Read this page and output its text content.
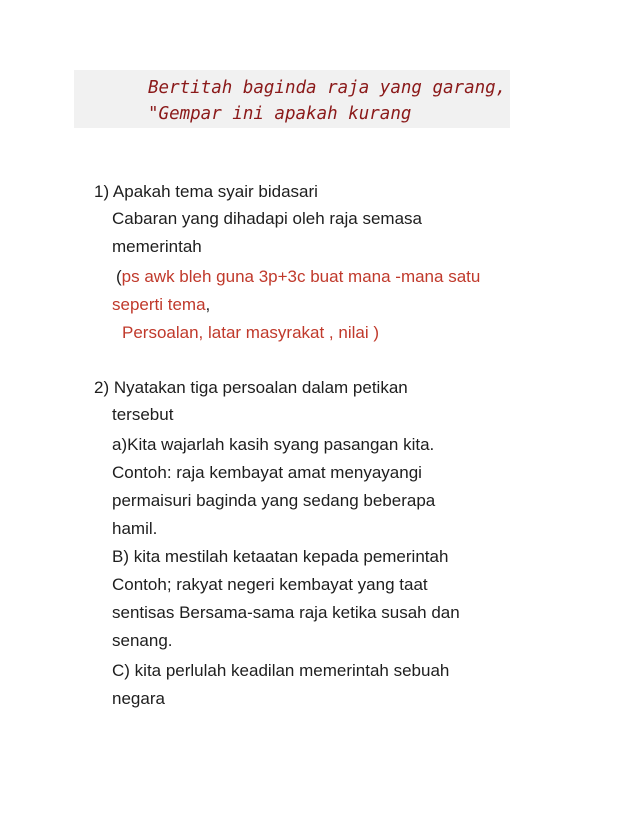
Bertitah baginda raja yang garang,
"Gempar ini apakah kurang
1) Apakah tema syair bidasari
Cabaran yang dihadapi oleh raja semasa
memerintah
(ps awk bleh guna 3p+3c buat mana -mana satu
seperti tema,
Persoalan, latar masyrakat , nilai )
2) Nyatakan tiga persoalan dalam petikan
tersebut
a)Kita wajarlah kasih syang pasangan kita.
Contoh: raja kembayat amat menyayangi
permaisuri baginda yang sedang beberapa
hamil.
B) kita mestilah ketaatan kepada pemerintah
Contoh; rakyat negeri kembayat yang taat
sentisas Bersama-sama raja ketika susah dan
senang.
C) kita perlulah keadilan memerintah sebuah
negara
